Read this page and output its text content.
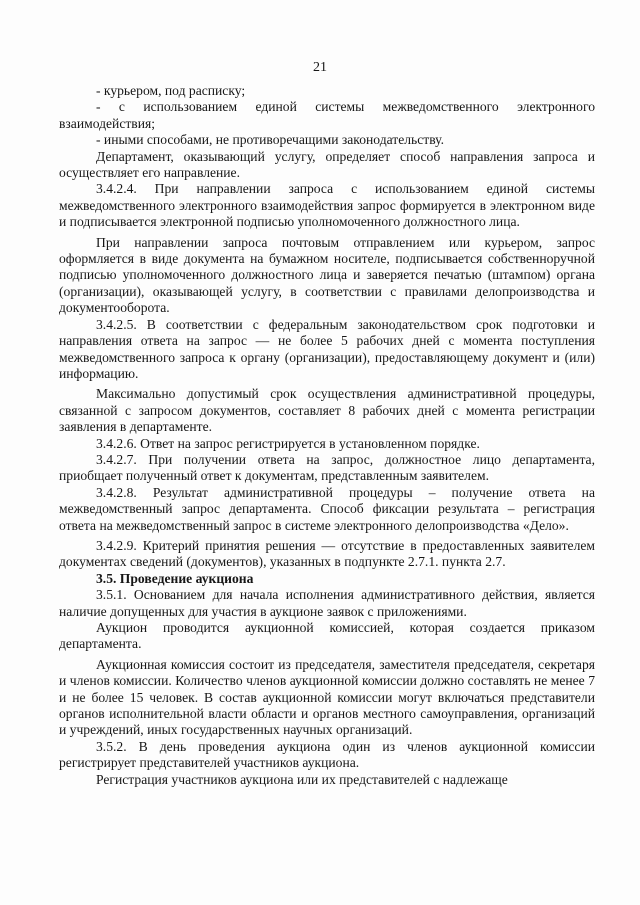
21

- курьером, под расписку;

- с использованием единой системы межведомственного электронного взаимодействия;

- иными способами, не противоречащими законодательству.

Департамент, оказывающий услугу, определяет способ направления запроса и осуществляет его направление.

3.4.2.4. При направлении запроса с использованием единой системы межведомственного электронного взаимодействия запрос формируется в электронном виде и подписывается электронной подписью уполномоченного должностного лица.

При направлении запроса почтовым отправлением или курьером, запрос оформляется в виде документа на бумажном носителе, подписывается собственноручной подписью уполномоченного должностного лица и заверяется печатью (штампом) органа (организации), оказывающей услугу, в соответствии с правилами делопроизводства и документооборота.

3.4.2.5. В соответствии с федеральным законодательством срок подготовки и направления ответа на запрос — не более 5 рабочих дней с момента поступления межведомственного запроса к органу (организации), предоставляющему документ и (или) информацию.

Максимально допустимый срок осуществления административной процедуры, связанной с запросом документов, составляет 8 рабочих дней с момента регистрации заявления в департаменте.

3.4.2.6. Ответ на запрос регистрируется в установленном порядке.

3.4.2.7. При получении ответа на запрос, должностное лицо департамента, приобщает полученный ответ к документам, представленным заявителем.

3.4.2.8. Результат административной процедуры – получение ответа на межведомственный запрос департамента. Способ фиксации результата – регистрация ответа на межведомственный запрос в системе электронного делопроизводства «Дело».

3.4.2.9. Критерий принятия решения — отсутствие в предоставленных заявителем документах сведений (документов), указанных в подпункте 2.7.1. пункта 2.7.

3.5. Проведение аукциона

3.5.1. Основанием для начала исполнения административного действия, является наличие допущенных для участия в аукционе заявок с приложениями.

Аукцион проводится аукционной комиссией, которая создается приказом департамента.

Аукционная комиссия состоит из председателя, заместителя председателя, секретаря и членов комиссии. Количество членов аукционной комиссии должно составлять не менее 7 и не более 15 человек. В состав аукционной комиссии могут включаться представители органов исполнительной власти области и органов местного самоуправления, организаций и учреждений, иных государственных научных организаций.

3.5.2. В день проведения аукциона один из членов аукционной комиссии регистрирует представителей участников аукциона.

Регистрация участников аукциона или их представителей с надлежаще
